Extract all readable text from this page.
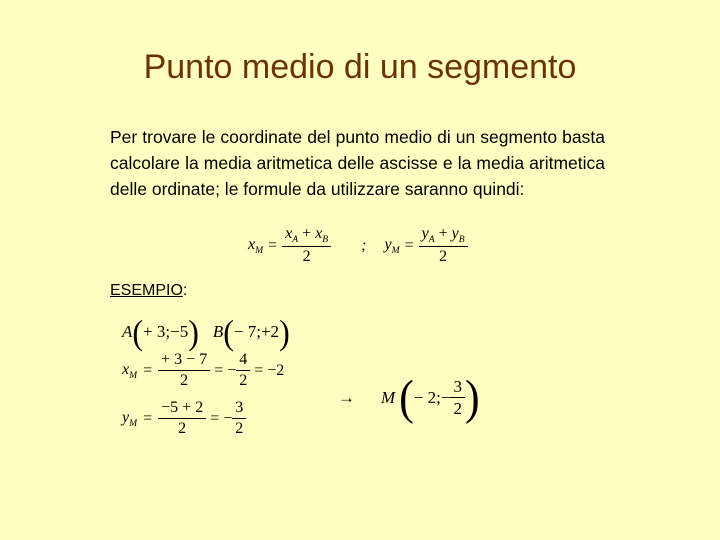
Punto medio di un segmento
Per trovare le coordinate del punto medio di un segmento basta calcolare la media aritmetica delle ascisse e la media aritmetica delle ordinate; le formule da utilizzare saranno quindi:
$x_M = \frac{x_A + x_B}{2}$ ; $y_M = \frac{y_A + y_B}{2}$
ESEMPIO:
A ( + 3;−5 ) B ( − 7;+2 )
$x_M = \frac{+ 3 - 7}{2}$ = − $\frac{4}{2} = -2$
$y_M = \frac{-5 + 2}{2}$ = − $\frac{3}{2}$
→ M ( − 2; − $\frac{3}{2}$ )
